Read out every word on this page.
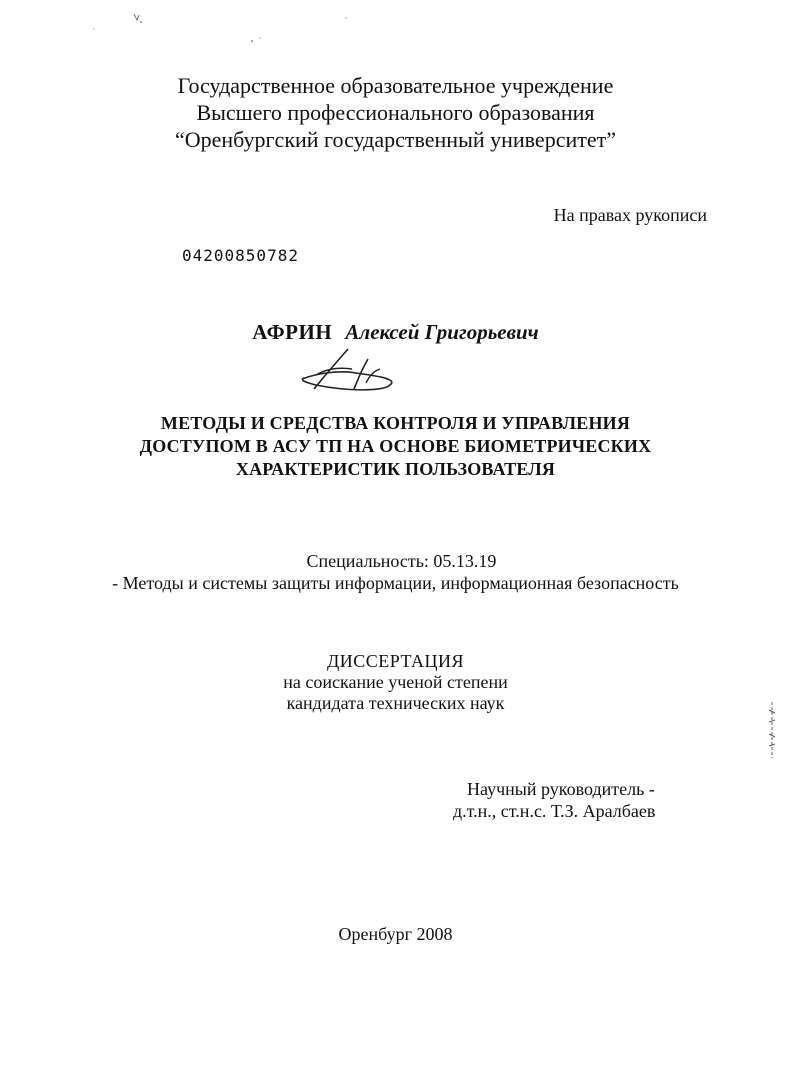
Государственное образовательное учреждение
Высшего профессионального образования
“Оренбургский государственный университет”
На правах рукописи
04200850782
АФРИН Алексей Григорьевич
МЕТОДЫ И СРЕДСТВА КОНТРОЛЯ И УПРАВЛЕНИЯ
ДОСТУПОМ В АСУ ТП НА ОСНОВЕ БИОМЕТРИЧЕСКИХ
ХАРАКТЕРИСТИК ПОЛЬЗОВАТЕЛЯ
Специальность: 05.13.19
- Методы и системы защиты информации, информационная безопасность
ДИССЕРТАЦИЯ
на соискание ученой степени
кандидата технических наук
Научный руководитель -
д.т.н., ст.н.с. Т.З. Аралбаев
Оренбург 2008
